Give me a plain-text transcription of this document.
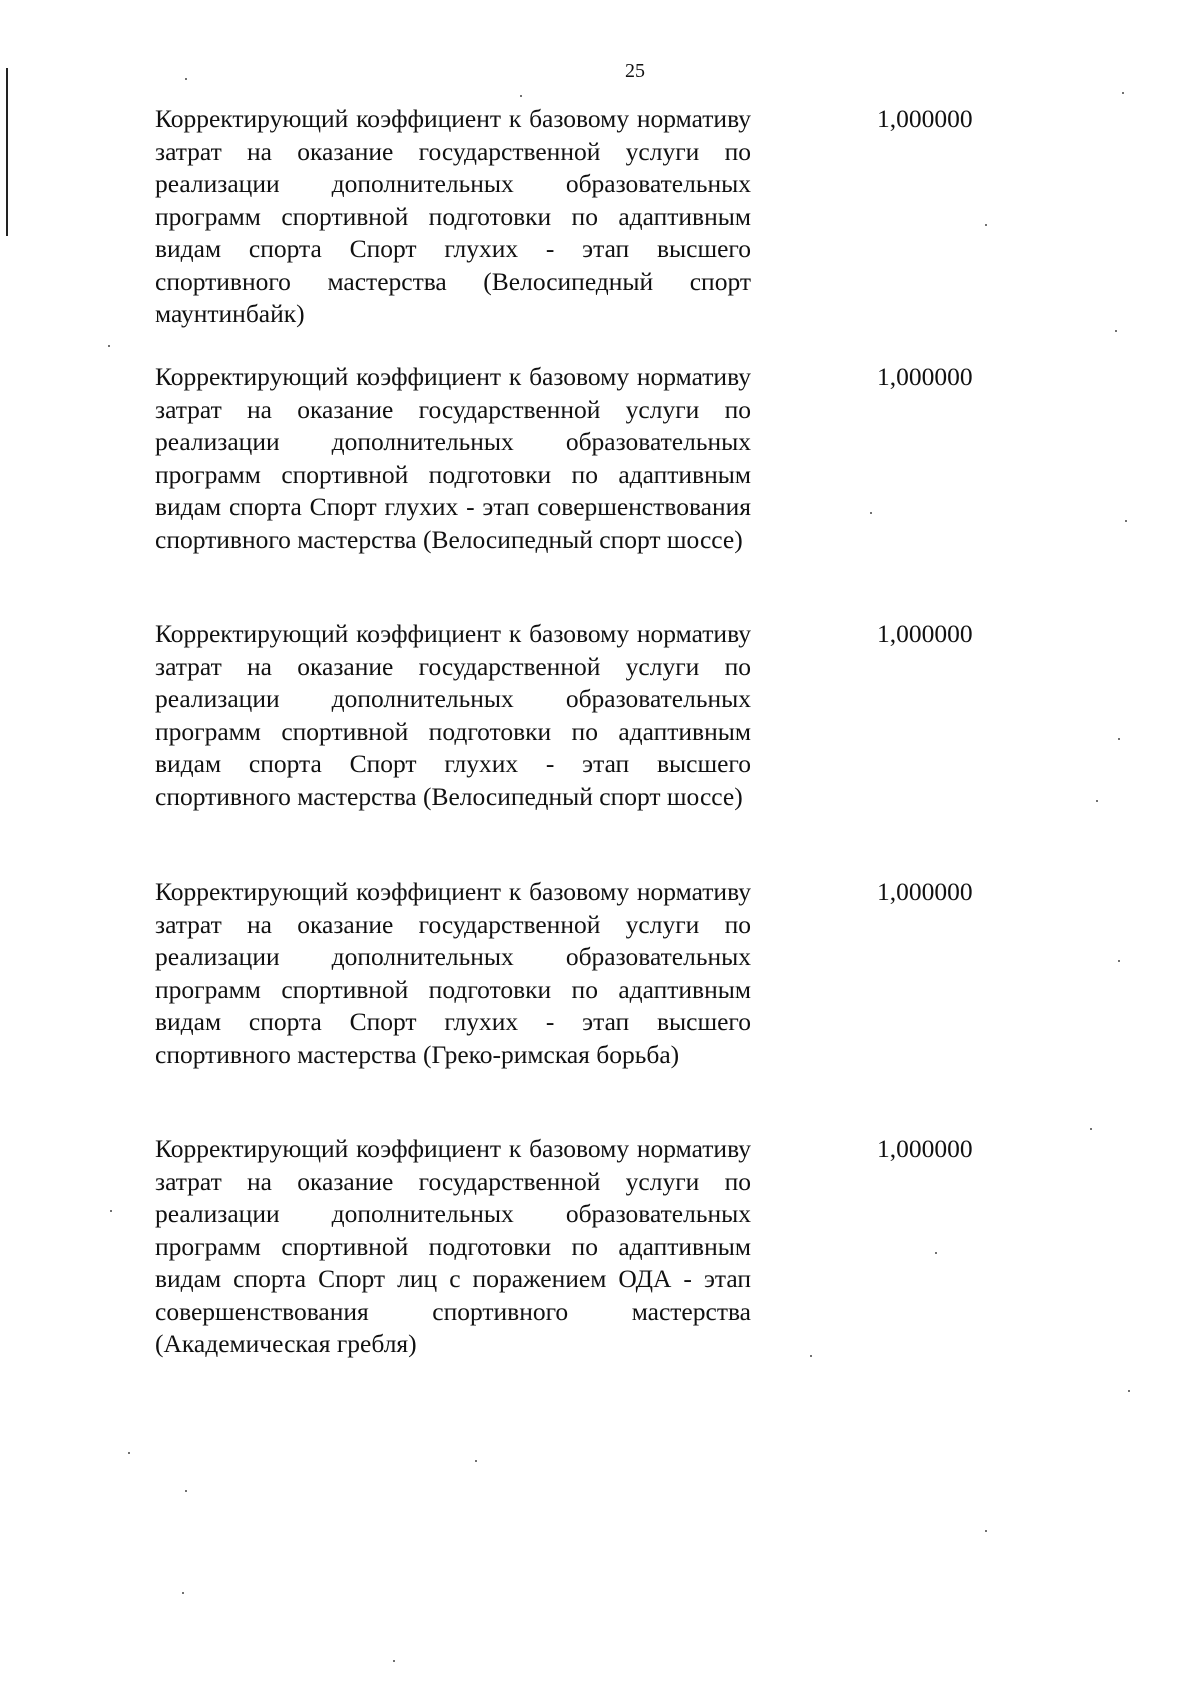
25
Корректирующий коэффициент к базовому нормативу затрат на оказание государственной услуги по реализации дополнительных образовательных программ спортивной подготовки по адаптивным видам спорта Спорт глухих - этап высшего спортивного мастерства (Велосипедный спорт маунтинбайк)
1,000000
Корректирующий коэффициент к базовому нормативу затрат на оказание государственной услуги по реализации дополнительных образовательных программ спортивной подготовки по адаптивным видам спорта Спорт глухих - этап совершенствования спортивного мастерства (Велосипедный спорт шоссе)
1,000000
Корректирующий коэффициент к базовому нормативу затрат на оказание государственной услуги по реализации дополнительных образовательных программ спортивной подготовки по адаптивным видам спорта Спорт глухих - этап высшего спортивного мастерства (Велосипедный спорт шоссе)
1,000000
Корректирующий коэффициент к базовому нормативу затрат на оказание государственной услуги по реализации дополнительных образовательных программ спортивной подготовки по адаптивным видам спорта Спорт глухих - этап высшего спортивного мастерства (Греко-римская борьба)
1,000000
Корректирующий коэффициент к базовому нормативу затрат на оказание государственной услуги по реализации дополнительных образовательных программ спортивной подготовки по адаптивным видам спорта Спорт лиц с поражением ОДА - этап совершенствования спортивного мастерства (Академическая гребля)
1,000000
